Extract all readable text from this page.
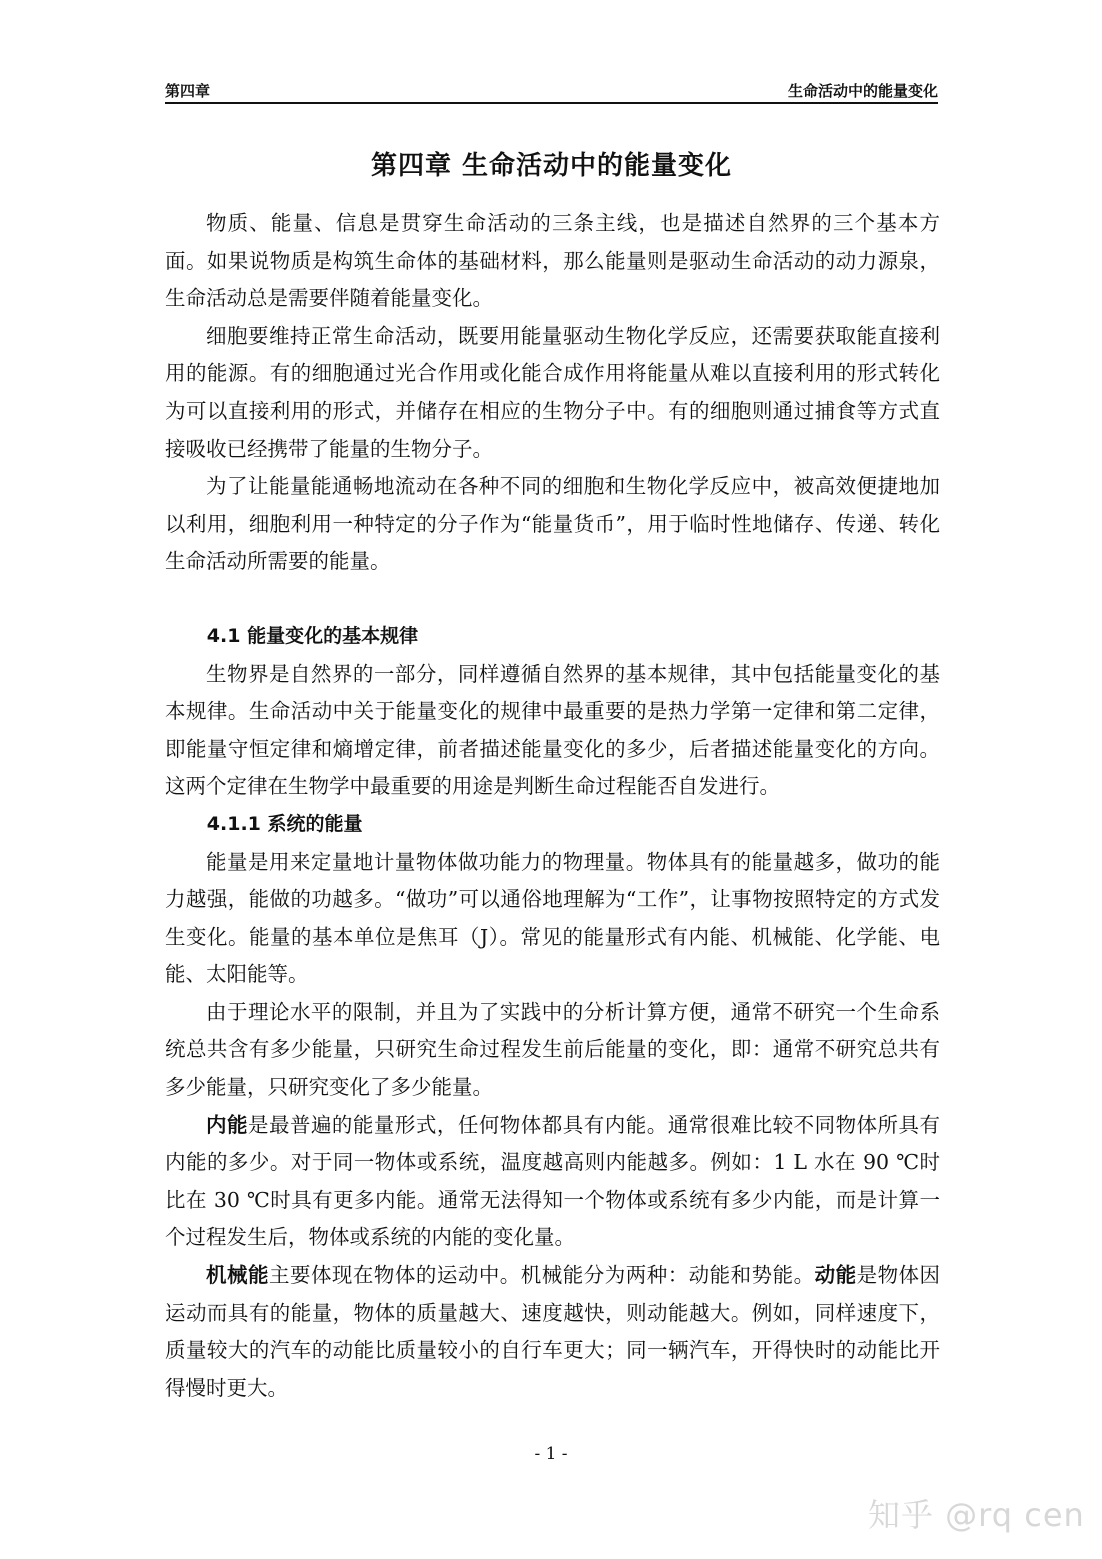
第四章	生命活动中的能量变化
第四章 生命活动中的能量变化

物质、能量、信息是贯穿生命活动的三条主线，也是描述自然界的三个基本方面。如果说物质是构筑生命体的基础材料，那么能量则是驱动生命活动的动力源泉，生命活动总是需要伴随着能量变化。

细胞要维持正常生命活动，既要用能量驱动生物化学反应，还需要获取能直接利用的能源。有的细胞通过光合作用或化能合成作用将能量从难以直接利用的形式转化为可以直接利用的形式，并储存在相应的生物分子中。有的细胞则通过捕食等方式直接吸收已经携带了能量的生物分子。

为了让能量能通畅地流动在各种不同的细胞和生物化学反应中，被高效便捷地加以利用，细胞利用一种特定的分子作为“能量货币”，用于临时性地储存、传递、转化生命活动所需要的能量。

4.1 能量变化的基本规律

生物界是自然界的一部分，同样遵循自然界的基本规律，其中包括能量变化的基本规律。生命活动中关于能量变化的规律中最重要的是热力学第一定律和第二定律，即能量守恒定律和熵增定律，前者描述能量变化的多少，后者描述能量变化的方向。这两个定律在生物学中最重要的用途是判断生命过程能否自发进行。

4.1.1 系统的能量

能量是用来定量地计量物体做功能力的物理量。物体具有的能量越多，做功的能力越强，能做的功越多。“做功”可以通俗地理解为“工作”，让事物按照特定的方式发生变化。能量的基本单位是焦耳（J）。常见的能量形式有内能、机械能、化学能、电能、太阳能等。

由于理论水平的限制，并且为了实践中的分析计算方便，通常不研究一个生命系统总共含有多少能量，只研究生命过程发生前后能量的变化，即：通常不研究总共有多少能量，只研究变化了多少能量。

内能是最普遍的能量形式，任何物体都具有内能。通常很难比较不同物体所具有内能的多少。对于同一物体或系统，温度越高则内能越多。例如：1 L 水在 90 ℃时比在 30 ℃时具有更多内能。通常无法得知一个物体或系统有多少内能，而是计算一个过程发生后，物体或系统的内能的变化量。

机械能主要体现在物体的运动中。机械能分为两种：动能和势能。动能是物体因运动而具有的能量，物体的质量越大、速度越快，则动能越大。例如，同样速度下，质量较大的汽车的动能比质量较小的自行车更大；同一辆汽车，开得快时的动能比开得慢时更大。

- 1 -
知乎 @rq cen
